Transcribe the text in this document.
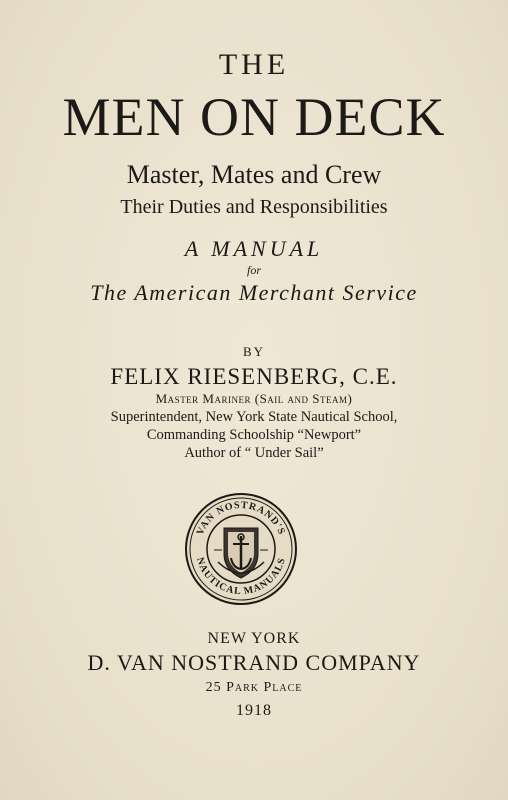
THE
MEN ON DECK
Master, Mates and Crew
Their Duties and Responsibilities
A MANUAL
for
The American Merchant Service
BY
FELIX RIESENBERG, C.E.
Master Mariner (Sail and Steam)
Superintendent, New York State Nautical School,
Commanding Schoolship “Newport”
Author of “ Under Sail”
VAN NOSTRAND'S
NAUTICAL MANUALS
NEW YORK
D. VAN NOSTRAND COMPANY
25 Park Place
1918
